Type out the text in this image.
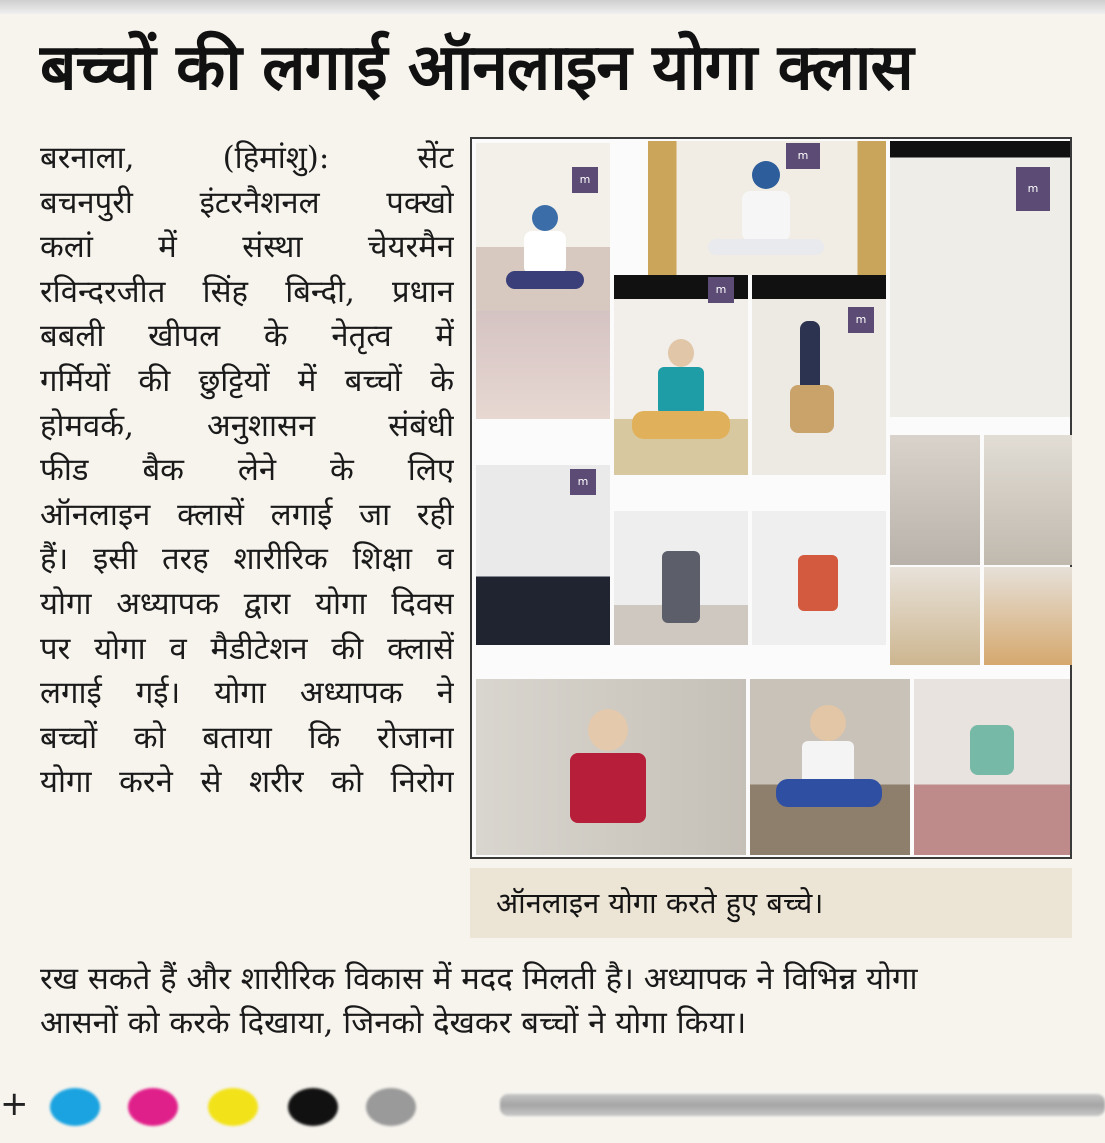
बच्चों की लगाई ऑनलाइन योगा क्लास
बरनाला, (हिमांशु): सेंट
बचनपुरी इंटरनैशनल पक्खो
कलां में संस्था चेयरमैन
रविन्दरजीत सिंह बिन्दी, प्रधान
बबली खीपल के नेतृत्व में
गर्मियों की छुट्टियों में बच्चों के
होमवर्क, अनुशासन संबंधी
फीड बैक लेने के लिए
ऑनलाइन क्लासें लगाई जा रही
हैं। इसी तरह शारीरिक शिक्षा व
योगा अध्यापक द्वारा योगा दिवस
पर योगा व मैडीटेशन की क्लासें
लगाई गई। योगा अध्यापक ने
बच्चों को बताया कि रोजाना
योगा करने से शरीर को निरोग
m
m
m
m
m
m
ऑनलाइन योगा करते हुए बच्चे।
रख सकते हैं और शारीरिक विकास में मदद मिलती है। अध्यापक ने विभिन्न योगा
आसनों को करके दिखाया, जिनको देखकर बच्चों ने योगा किया।
+
